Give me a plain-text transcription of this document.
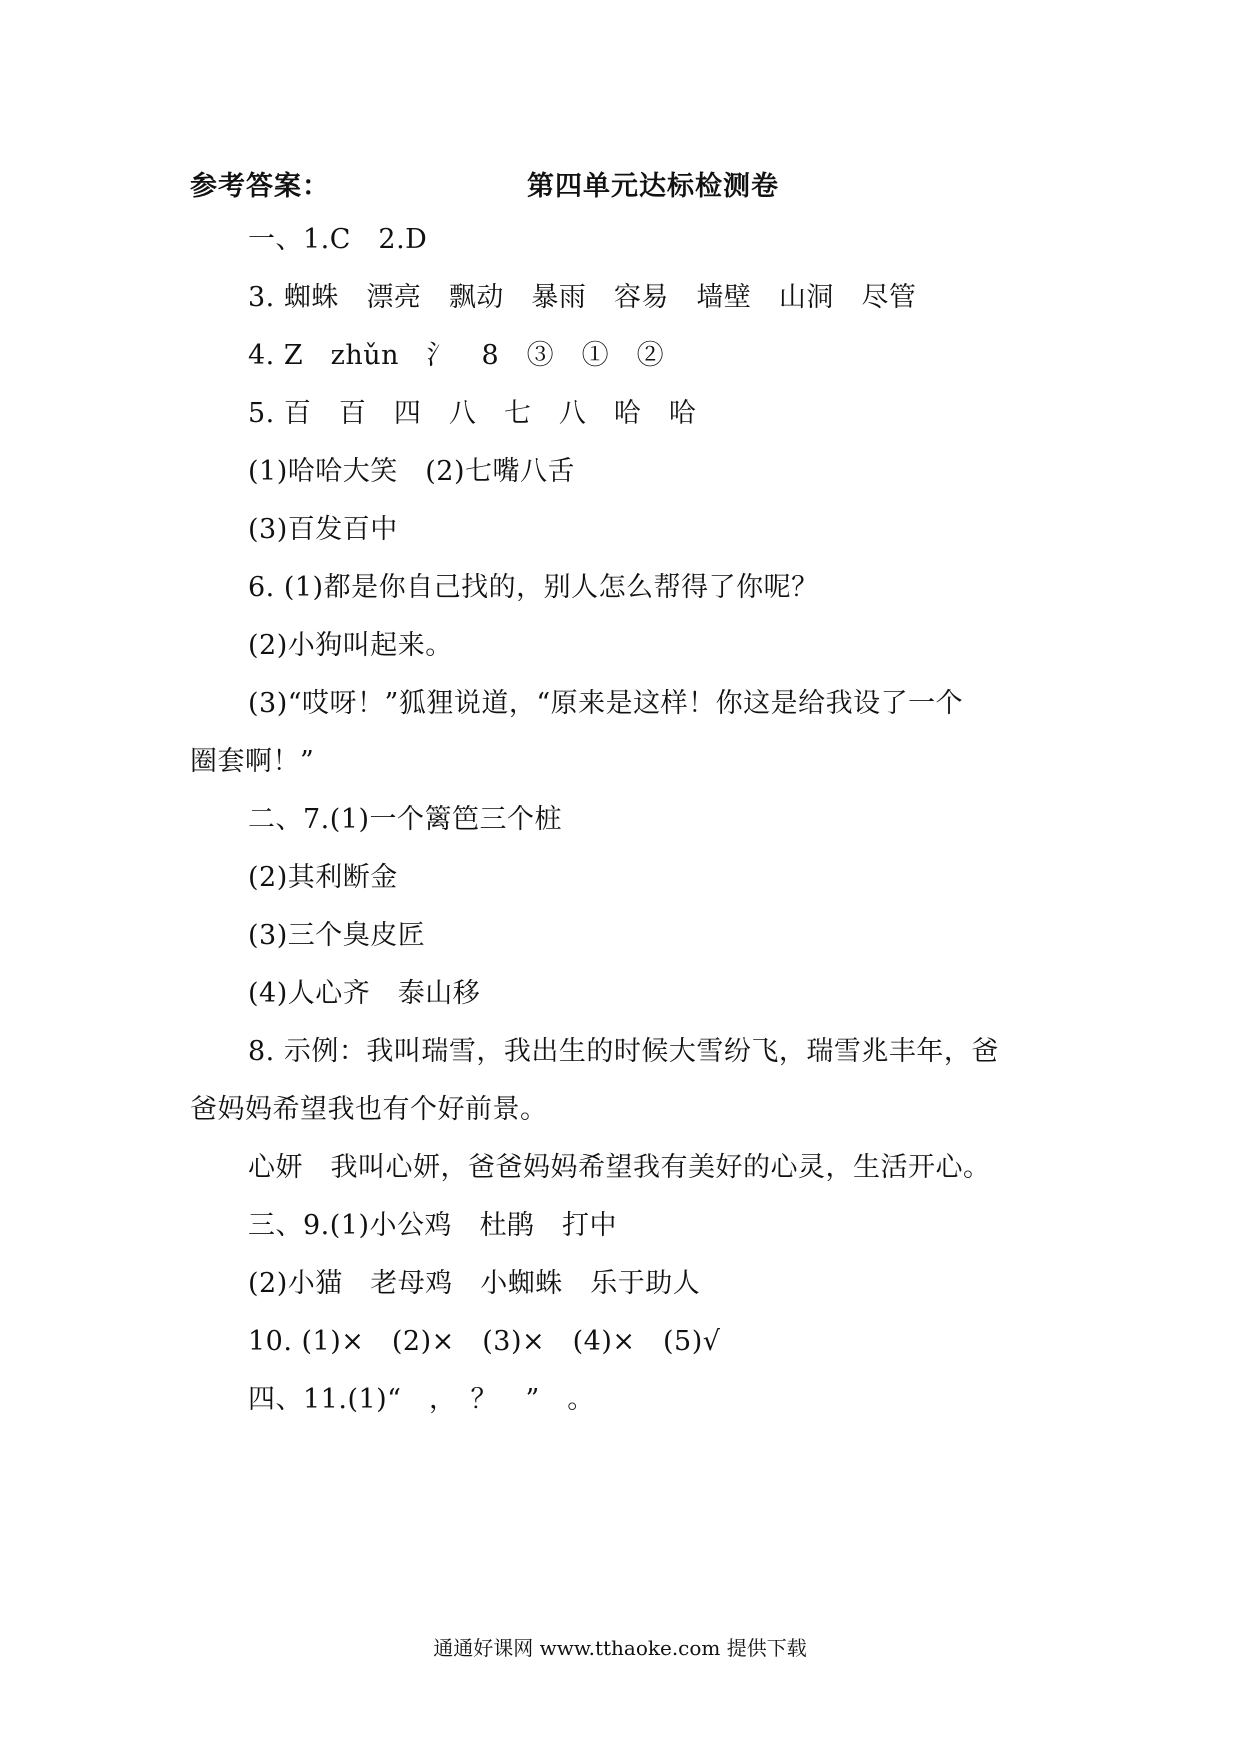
参考答案：	第四单元达标检测卷
一、1.C　2.D
3. 蜘蛛　漂亮　飘动　暴雨　容易　墙壁　山洞　尽管
4. Z　zhǔn　氵　8　③　①　②
5. 百　百　四　八　七　八　哈　哈
(1)哈哈大笑　(2)七嘴八舌
(3)百发百中
6. (1)都是你自己找的，别人怎么帮得了你呢？
(2)小狗叫起来。
(3)“哎呀！”狐狸说道，“原来是这样！你这是给我设了一个
圈套啊！”
二、7.(1)一个篱笆三个桩
(2)其利断金
(3)三个臭皮匠
(4)人心齐　泰山移
8. 示例：我叫瑞雪，我出生的时候大雪纷飞，瑞雪兆丰年，爸
爸妈妈希望我也有个好前景。
心妍　我叫心妍，爸爸妈妈希望我有美好的心灵，生活开心。
三、9.(1)小公鸡　杜鹃　打中
(2)小猫　老母鸡　小蜘蛛　乐于助人
10. (1)×　(2)×　(3)×　(4)×　(5)√
四、11.(1)“　，　？　”　。
通通好课网 www.tthaoke.com 提供下载
